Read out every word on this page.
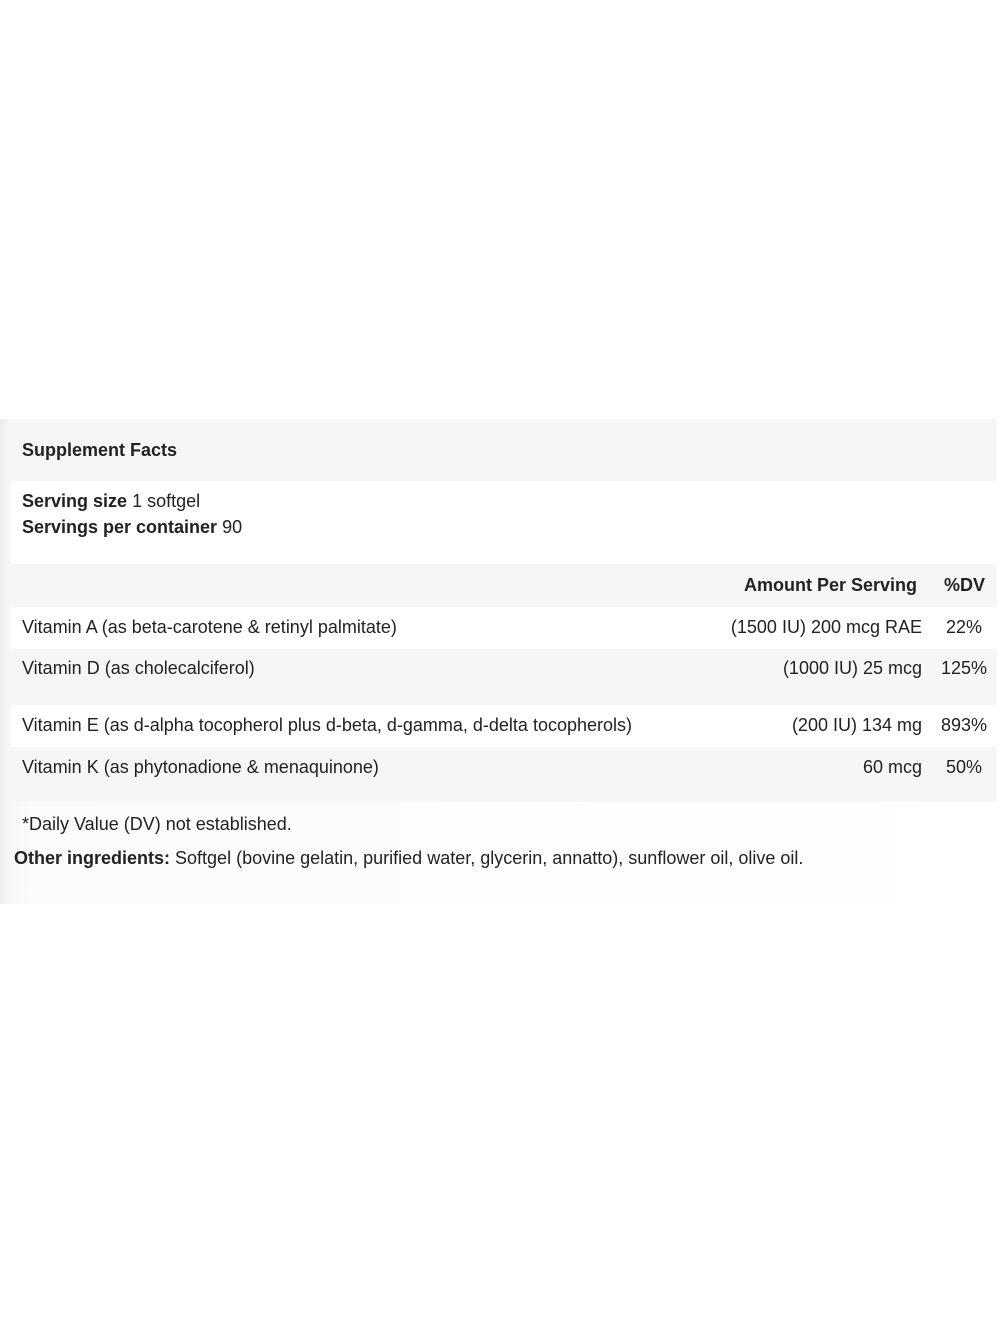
Supplement Facts
Serving size 1 softgel
Servings per container 90
Amount Per Serving %DV
Vitamin A (as beta-carotene & retinyl palmitate)	(1500 IU) 200 mcg RAE 22%
Vitamin D (as cholecalciferol)	(1000 IU) 25 mcg 125%
Vitamin E (as d-alpha tocopherol plus d-beta, d-gamma, d-delta tocopherols)	(200 IU) 134 mg 893%
Vitamin K (as phytonadione & menaquinone)	60 mcg 50%
*Daily Value (DV) not established.
Other ingredients: Softgel (bovine gelatin, purified water, glycerin, annatto), sunflower oil, olive oil.
